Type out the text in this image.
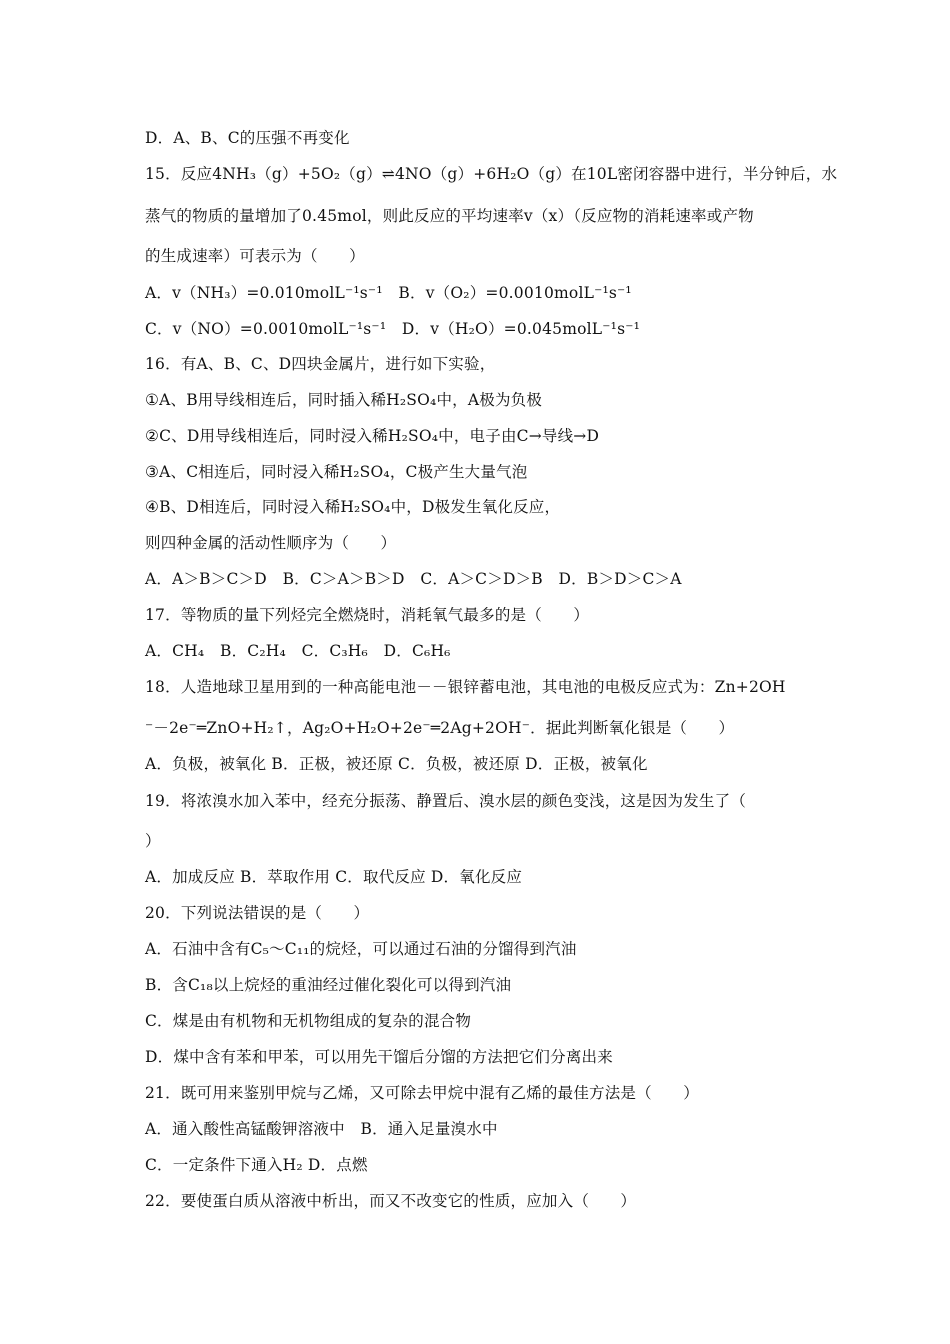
D．A、B、C的压强不再变化
15．反应4NH₃（g）+5O₂（g）⇌4NO（g）+6H₂O（g）在10L密闭容器中进行，半分钟后，水
蒸气的物质的量增加了0.45mol，则此反应的平均速率v（x）（反应物的消耗速率或产物
的生成速率）可表示为（　　）
A．v（NH₃）=0.010molL⁻¹s⁻¹　B．v（O₂）=0.0010molL⁻¹s⁻¹
C．v（NO）=0.0010molL⁻¹s⁻¹　D．v（H₂O）=0.045molL⁻¹s⁻¹
16．有A、B、C、D四块金属片，进行如下实验，
①A、B用导线相连后，同时插入稀H₂SO₄中，A极为负极
②C、D用导线相连后，同时浸入稀H₂SO₄中，电子由C→导线→D
③A、C相连后，同时浸入稀H₂SO₄，C极产生大量气泡
④B、D相连后，同时浸入稀H₂SO₄中，D极发生氧化反应，
则四种金属的活动性顺序为（　　）
A．A＞B＞C＞D　B．C＞A＞B＞D　C．A＞C＞D＞B　D．B＞D＞C＞A
17．等物质的量下列烃完全燃烧时，消耗氧气最多的是（　　）
A．CH₄　B．C₂H₄　C．C₃H₆　D．C₆H₆
18．人造地球卫星用到的一种高能电池－－银锌蓄电池，其电池的电极反应式为：Zn+2OH
⁻－2e⁻═ZnO+H₂↑，Ag₂O+H₂O+2e⁻═2Ag+2OH⁻．据此判断氧化银是（　　）
A．负极，被氧化 B．正极，被还原 C．负极，被还原 D．正极，被氧化
19．将浓溴水加入苯中，经充分振荡、静置后、溴水层的颜色变浅，这是因为发生了（
）
A．加成反应 B．萃取作用 C．取代反应 D．氧化反应
20．下列说法错误的是（　　）
A．石油中含有C₅～C₁₁的烷烃，可以通过石油的分馏得到汽油
B．含C₁₈以上烷烃的重油经过催化裂化可以得到汽油
C．煤是由有机物和无机物组成的复杂的混合物
D．煤中含有苯和甲苯，可以用先干馏后分馏的方法把它们分离出来
21．既可用来鉴别甲烷与乙烯，又可除去甲烷中混有乙烯的最佳方法是（　　）
A．通入酸性高锰酸钾溶液中　B．通入足量溴水中
C．一定条件下通入H₂ D．点燃
22．要使蛋白质从溶液中析出，而又不改变它的性质，应加入（　　）
